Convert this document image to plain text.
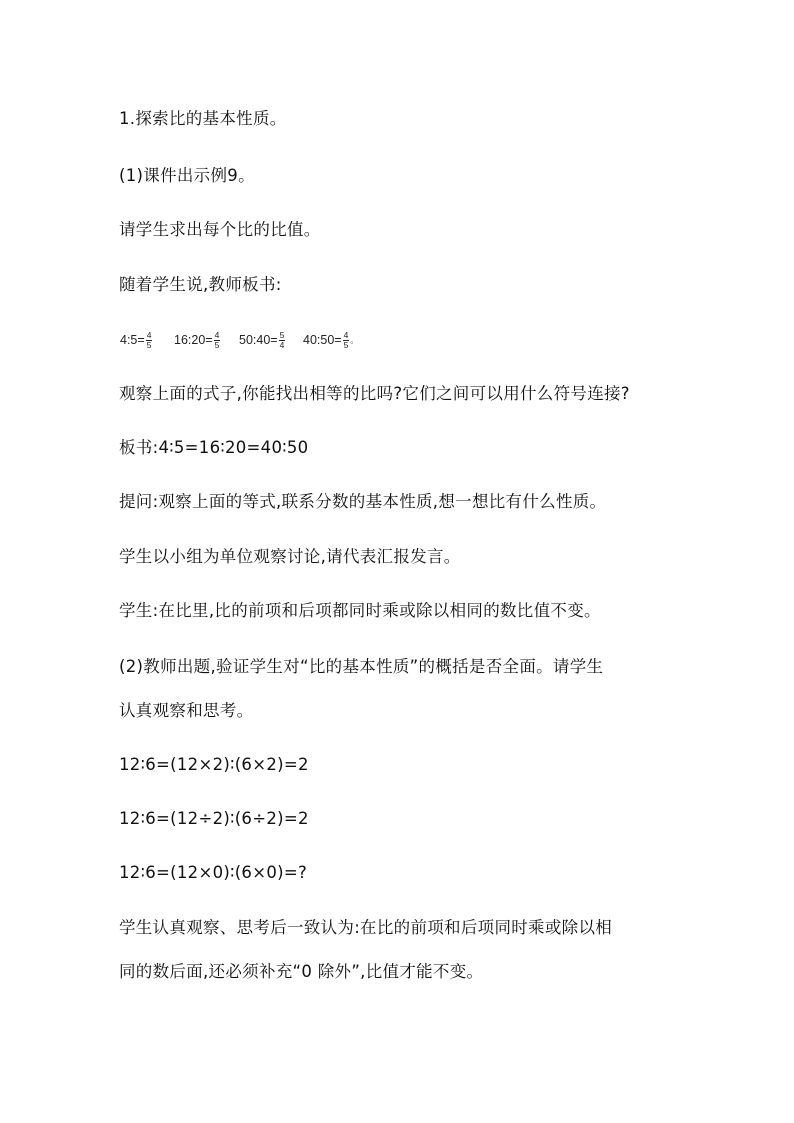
1.探索比的基本性质。
(1)课件出示例9。
请学生求出每个比的比值。
随着学生说,教师板书:
4:5= $\frac{4}{5}$ 16:20= $\frac{4}{5}$ 50:40= $\frac{5}{4}$ 40:50= $\frac{4}{5}$ 。
观察上面的式子,你能找出相等的比吗?它们之间可以用什么符号连接?
板书:4∶5=16∶20=40∶50
提问:观察上面的等式,联系分数的基本性质,想一想比有什么性质。
学生以小组为单位观察讨论,请代表汇报发言。
学生:在比里,比的前项和后项都同时乘或除以相同的数比值不变。
(2)教师出题,验证学生对“比的基本性质”的概括是否全面。请学生
认真观察和思考。
12∶6=(12×2)∶(6×2)=2
12∶6=(12÷2)∶(6÷2)=2
12∶6=(12×0)∶(6×0)=?
学生认真观察、思考后一致认为:在比的前项和后项同时乘或除以相
同的数后面,还必须补充“0 除外”,比值才能不变。
